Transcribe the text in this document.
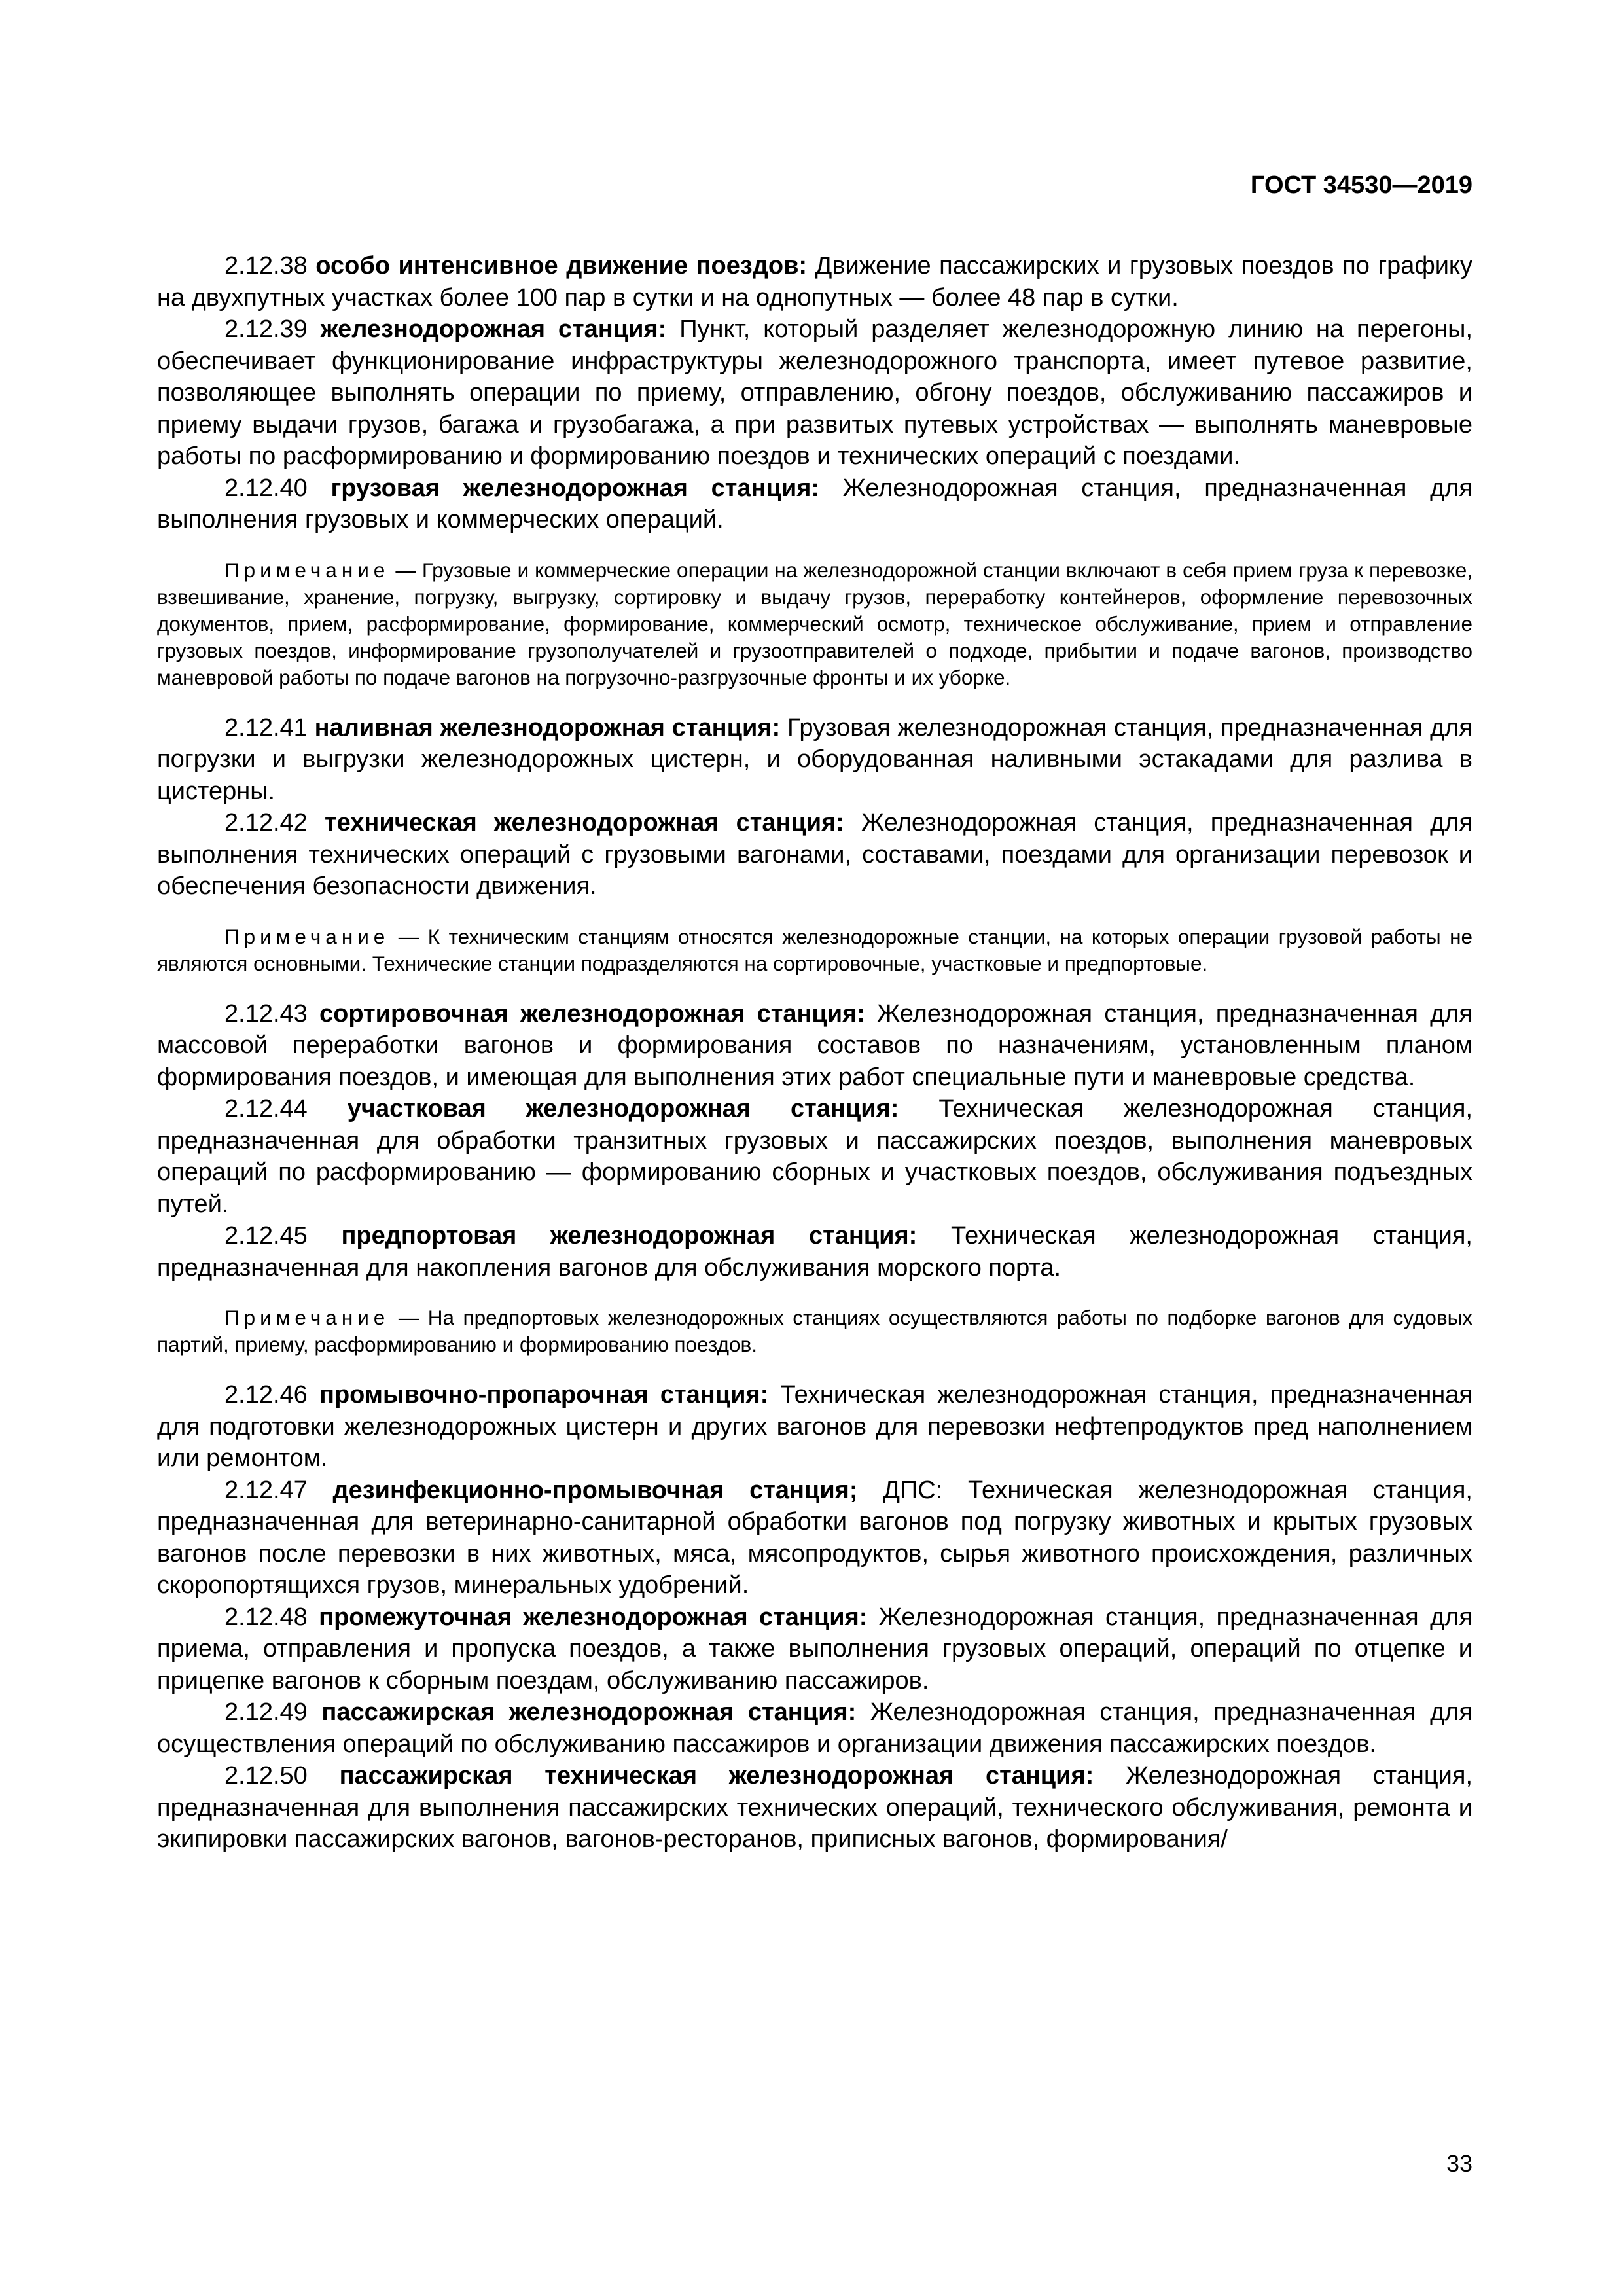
ГОСТ 34530—2019

2.12.38 особо интенсивное движение поездов: Движение пассажирских и грузовых поездов по графику на двухпутных участках более 100 пар в сутки и на однопутных — более 48 пар в сутки.

2.12.39 железнодорожная станция: Пункт, который разделяет железнодорожную линию на перегоны, обеспечивает функционирование инфраструктуры железнодорожного транспорта, имеет путевое развитие, позволяющее выполнять операции по приему, отправлению, обгону поездов, обслуживанию пассажиров и приему выдачи грузов, багажа и грузобагажа, а при развитых путевых устройствах — выполнять маневровые работы по расформированию и формированию поездов и технических операций с поездами.

2.12.40 грузовая железнодорожная станция: Железнодорожная станция, предназначенная для выполнения грузовых и коммерческих операций.

Примечание — Грузовые и коммерческие операции на железнодорожной станции включают в себя прием груза к перевозке, взвешивание, хранение, погрузку, выгрузку, сортировку и выдачу грузов, переработку контейнеров, оформление перевозочных документов, прием, расформирование, формирование, коммерческий осмотр, техническое обслуживание, прием и отправление грузовых поездов, информирование грузополучателей и грузоотправителей о подходе, прибытии и подаче вагонов, производство маневровой работы по подаче вагонов на погрузочно-разгрузочные фронты и их уборке.

2.12.41 наливная железнодорожная станция: Грузовая железнодорожная станция, предназначенная для погрузки и выгрузки железнодорожных цистерн, и оборудованная наливными эстакадами для разлива в цистерны.

2.12.42 техническая железнодорожная станция: Железнодорожная станция, предназначенная для выполнения технических операций с грузовыми вагонами, составами, поездами для организации перевозок и обеспечения безопасности движения.

Примечание — К техническим станциям относятся железнодорожные станции, на которых операции грузовой работы не являются основными. Технические станции подразделяются на сортировочные, участковые и предпортовые.

2.12.43 сортировочная железнодорожная станция: Железнодорожная станция, предназначенная для массовой переработки вагонов и формирования составов по назначениям, установленным планом формирования поездов, и имеющая для выполнения этих работ специальные пути и маневровые средства.

2.12.44 участковая железнодорожная станция: Техническая железнодорожная станция, предназначенная для обработки транзитных грузовых и пассажирских поездов, выполнения маневровых операций по расформированию — формированию сборных и участковых поездов, обслуживания подъездных путей.

2.12.45 предпортовая железнодорожная станция: Техническая железнодорожная станция, предназначенная для накопления вагонов для обслуживания морского порта.

Примечание — На предпортовых железнодорожных станциях осуществляются работы по подборке вагонов для судовых партий, приему, расформированию и формированию поездов.

2.12.46 промывочно-пропарочная станция: Техническая железнодорожная станция, предназначенная для подготовки железнодорожных цистерн и других вагонов для перевозки нефтепродуктов пред наполнением или ремонтом.

2.12.47 дезинфекционно-промывочная станция; ДПС: Техническая железнодорожная станция, предназначенная для ветеринарно-санитарной обработки вагонов под погрузку животных и крытых грузовых вагонов после перевозки в них животных, мяса, мясопродуктов, сырья животного происхождения, различных скоропортящихся грузов, минеральных удобрений.

2.12.48 промежуточная железнодорожная станция: Железнодорожная станция, предназначенная для приема, отправления и пропуска поездов, а также выполнения грузовых операций, операций по отцепке и прицепке вагонов к сборным поездам, обслуживанию пассажиров.

2.12.49 пассажирская железнодорожная станция: Железнодорожная станция, предназначенная для осуществления операций по обслуживанию пассажиров и организации движения пассажирских поездов.

2.12.50 пассажирская техническая железнодорожная станция: Железнодорожная станция, предназначенная для выполнения пассажирских технических операций, технического обслуживания, ремонта и экипировки пассажирских вагонов, вагонов-ресторанов, приписных вагонов, формирования/

33
